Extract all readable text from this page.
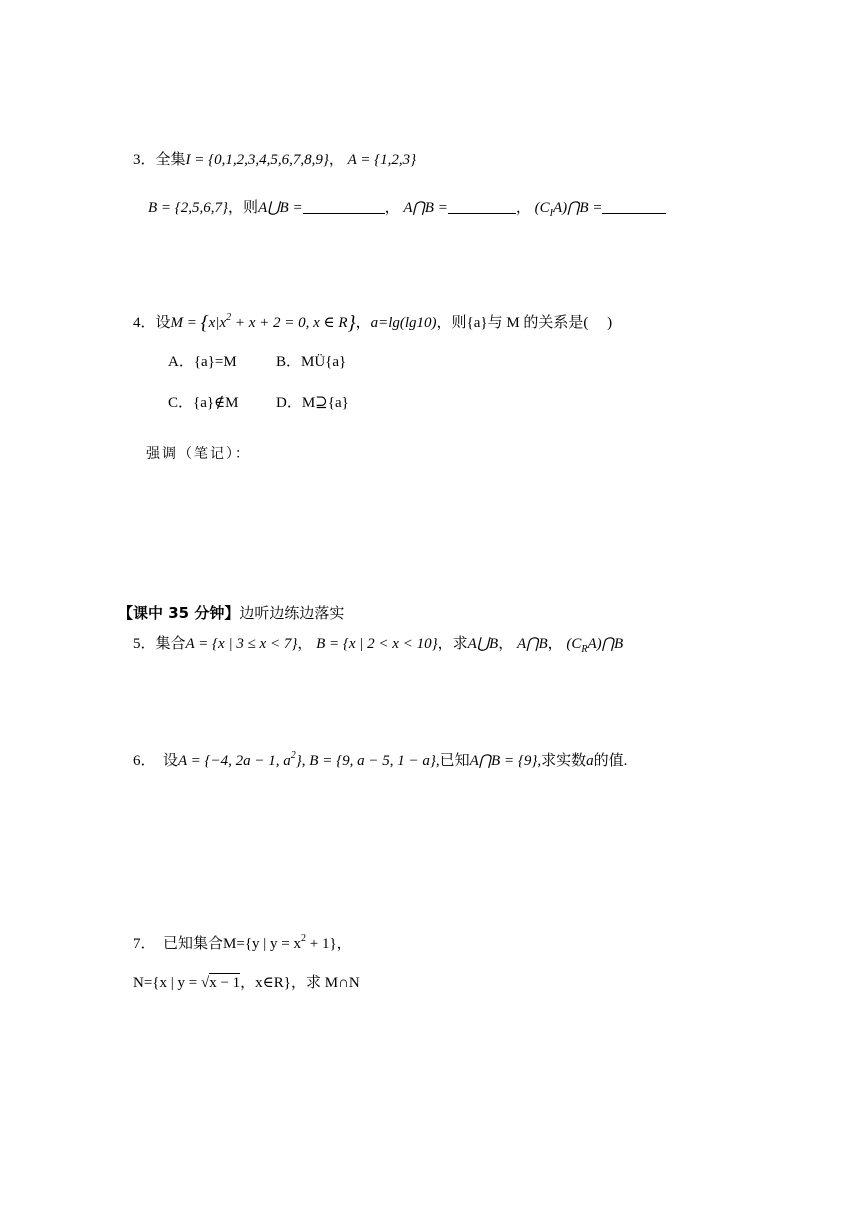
3．全集I = {0,1,2,3,4,5,6,7,8,9}， A = {1,2,3}
B = {2,5,6,7}，则A⋃B =	， A⋂B =	， $(C_IA)⋂B$ =
4．设$M = \{x|x^2 + x + 2 = 0$, x ∈ R}，a=lg(lg10)，则{a}与 M 的关系是(　 )
A．{a}=M	B．MÜ{a}
C．{a}∉M D．M⊇{a}
强调（笔记）：
【课中 35 分钟】边听边练边落实
5．集合A = {x | 3 ≤ x < 7}， B = {x | 2 < x < 10}，求A⋃B， A⋂B， $(C_RA)⋂B$
6． 设A = {−4, 2a − 1, $a^2$}, B = {9, a − 5, 1 − a},已知A⋂B = {9},求实数a的值.
7． 已知集合M={y | $y = x^2 + 1$}，
N={x | y = √x − 1，x∈R}，求 M∩N
